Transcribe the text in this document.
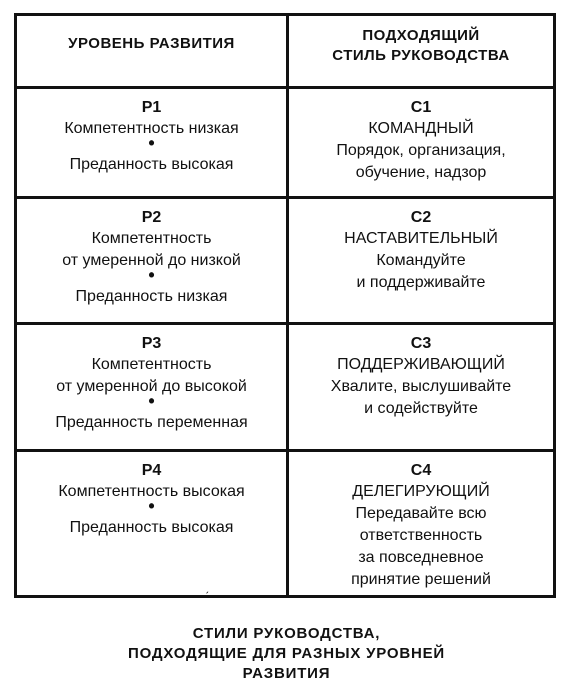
УРОВЕНЬ РАЗВИТИЯ	ПОДХОДЯЩИЙ
СТИЛЬ РУКОВОДСТВА
Р1
Компетентность низкая
•
Преданность высокая
С1
КОМАНДНЫЙ
Порядок, организация,
обучение, надзор
Р2
Компетентность
от умеренной до низкой
•
Преданность низкая
С2
НАСТАВИТЕЛЬНЫЙ
Командуйте
и поддерживайте
Р3
Компетентность
от умеренной до высокой
•
Преданность переменная
С3
ПОДДЕРЖИВАЮЩИЙ
Хвалите, выслушивайте
и содействуйте
Р4
Компетентность высокая
•
Преданность высокая
С4
ДЕЛЕГИРУЮЩИЙ
Передавайте всю
ответственность
за повседневное
принятие решений
ˏ
СТИЛИ РУКОВОДСТВА,
ПОДХОДЯЩИЕ ДЛЯ РАЗНЫХ УРОВНЕЙ
РАЗВИТИЯ
